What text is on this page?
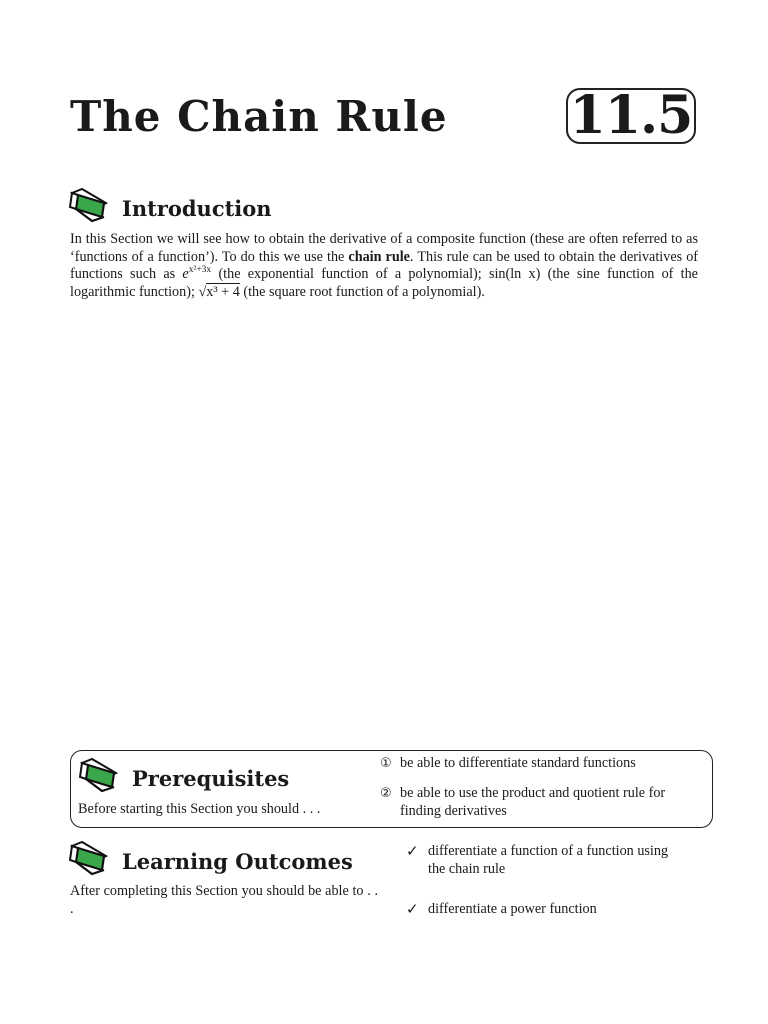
The Chain Rule 11.5
Introduction

In this Section we will see how to obtain the derivative of a composite function (these are often referred to as ‘functions of a function’). To do this we use the chain rule. This rule can be used to obtain the derivatives of functions such as $e^{x^2+3x}$ (the exponential function of a polynomial); sin(ln x) (the sine function of the logarithmic function); √x³ + 4 (the square root function of a polynomial).

Prerequisites

Before starting this Section you should . . .

① be able to differentiate standard functions
② be able to use the product and quotient rule for finding derivatives
Learning Outcomes

After completing this Section you should be able to . . .

✓ differentiate a function of a function using the chain rule
✓ differentiate a power function
